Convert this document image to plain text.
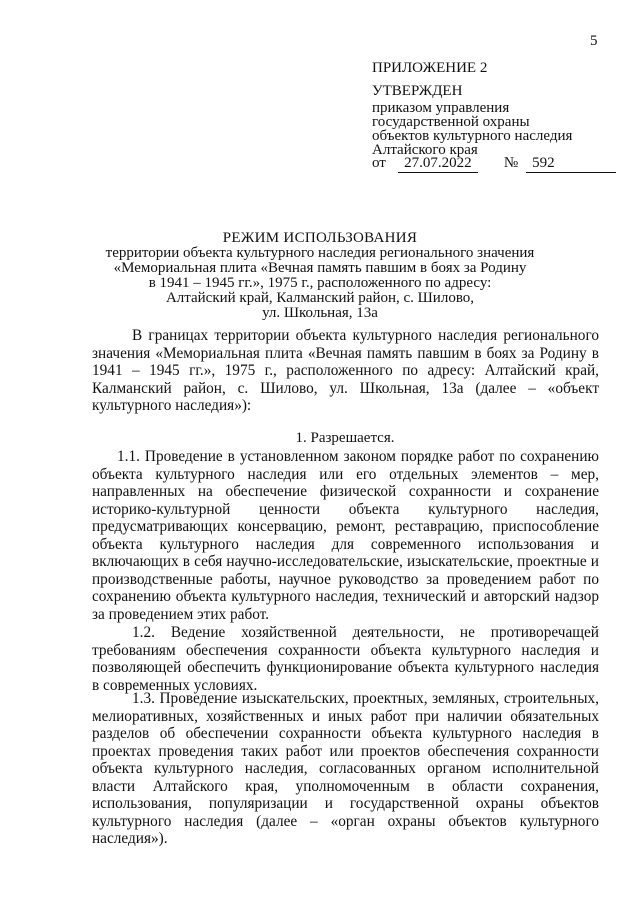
5
ПРИЛОЖЕНИЕ 2
УТВЕРЖДЕН
приказом управления
государственной охраны
объектов культурного наследия
Алтайского края
от 27.07.2022 № 592
РЕЖИМ ИСПОЛЬЗОВАНИЯ
территории объекта культурного наследия регионального значения
«Мемориальная плита «Вечная память павшим в боях за Родину
в 1941 – 1945 гг.», 1975 г., расположенного по адресу:
Алтайский край, Калманский район, с. Шилово,
ул. Школьная, 13а
В границах территории объекта культурного наследия регионального значения «Мемориальная плита «Вечная память павшим в боях за Родину в 1941 – 1945 гг.», 1975 г., расположенного по адресу: Алтайский край, Калманский район, с. Шилово, ул. Школьная, 13а (далее – «объект культурного наследия»):
1. Разрешается.
1.1. Проведение в установленном законом порядке работ по сохранению объекта культурного наследия или его отдельных элементов – мер, направленных на обеспечение физической сохранности и сохранение историко-культурной ценности объекта культурного наследия, предусматривающих консервацию, ремонт, реставрацию, приспособление объекта культурного наследия для современного использования и включающих в себя научно-исследовательские, изыскательские, проектные и производственные работы, научное руководство за проведением работ по сохранению объекта культурного наследия, технический и авторский надзор за проведением этих работ.
1.2. Ведение хозяйственной деятельности, не противоречащей требованиям обеспечения сохранности объекта культурного наследия и позволяющей обеспечить функционирование объекта культурного наследия в современных условиях.
1.3. Проведение изыскательских, проектных, земляных, строительных, мелиоративных, хозяйственных и иных работ при наличии обязательных разделов об обеспечении сохранности объекта культурного наследия в проектах проведения таких работ или проектов обеспечения сохранности объекта культурного наследия, согласованных органом исполнительной власти Алтайского края, уполномоченным в области сохранения, использования, популяризации и государственной охраны объектов культурного наследия (далее – «орган охраны объектов культурного наследия»).
